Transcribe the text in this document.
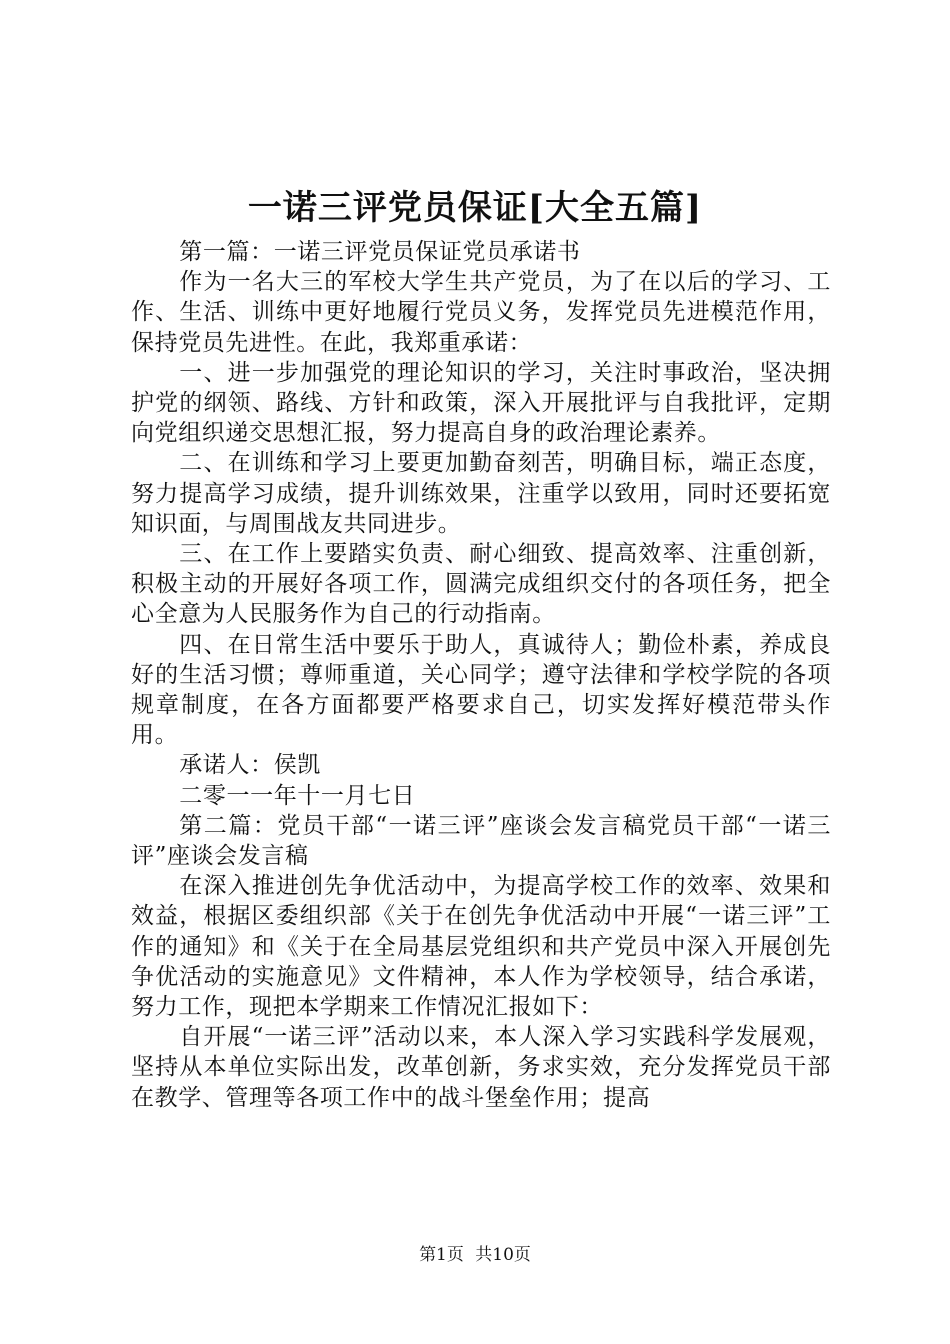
一诺三评党员保证[大全五篇]

第一篇：一诺三评党员保证党员承诺书

作为一名大三的军校大学生共产党员，为了在以后的学习、工作、生活、训练中更好地履行党员义务，发挥党员先进模范作用，保持党员先进性。在此，我郑重承诺：

一、进一步加强党的理论知识的学习，关注时事政治，坚决拥护党的纲领、路线、方针和政策，深入开展批评与自我批评，定期向党组织递交思想汇报，努力提高自身的政治理论素养。

二、在训练和学习上要更加勤奋刻苦，明确目标，端正态度，努力提高学习成绩，提升训练效果，注重学以致用，同时还要拓宽知识面，与周围战友共同进步。

三、在工作上要踏实负责、耐心细致、提高效率、注重创新，积极主动的开展好各项工作，圆满完成组织交付的各项任务，把全心全意为人民服务作为自己的行动指南。

四、在日常生活中要乐于助人，真诚待人；勤俭朴素，养成良好的生活习惯；尊师重道，关心同学；遵守法律和学校学院的各项规章制度，在各方面都要严格要求自己，切实发挥好模范带头作用。

承诺人：侯凯

二零一一年十一月七日

第二篇：党员干部“一诺三评”座谈会发言稿党员干部“一诺三评”座谈会发言稿

在深入推进创先争优活动中，为提高学校工作的效率、效果和效益，根据区委组织部《关于在创先争优活动中开展“一诺三评”工作的通知》和《关于在全局基层党组织和共产党员中深入开展创先争优活动的实施意见》文件精神，本人作为学校领导，结合承诺，努力工作，现把本学期来工作情况汇报如下：

自开展“一诺三评”活动以来，本人深入学习实践科学发展观，坚持从本单位实际出发，改革创新，务求实效，充分发挥党员干部在教学、管理等各项工作中的战斗堡垒作用；提高

第1页 共10页
